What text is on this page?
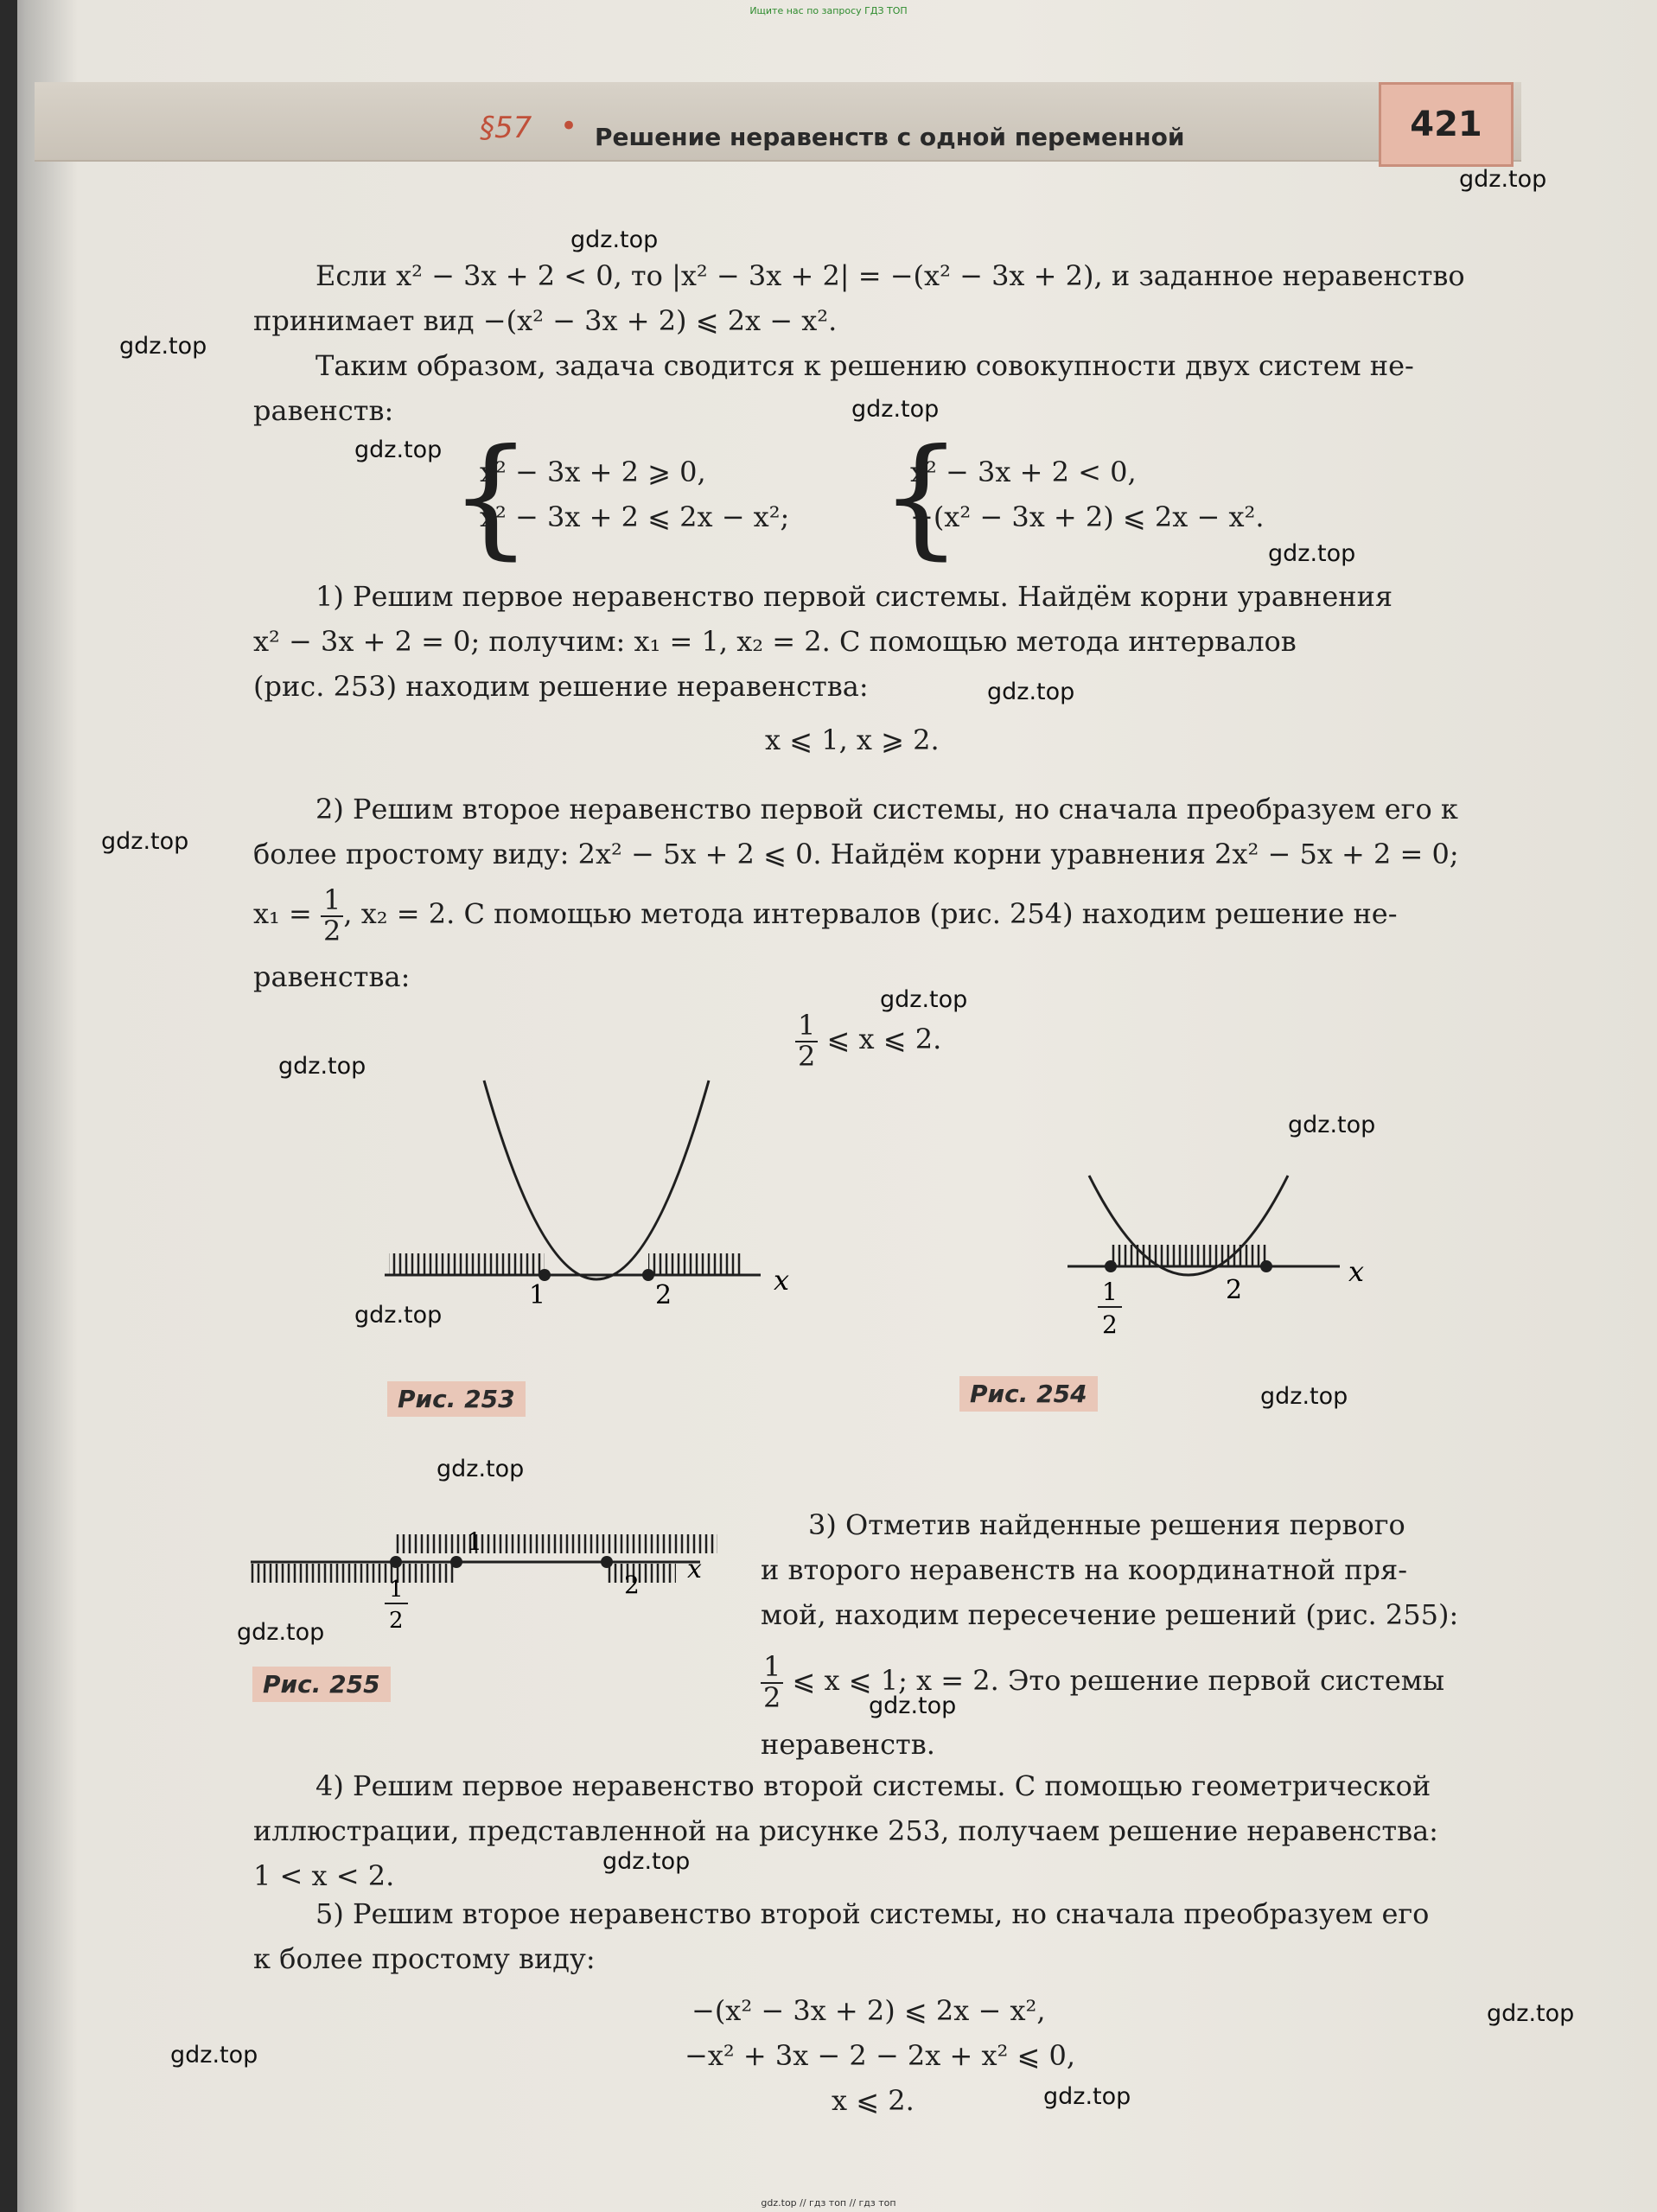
Ищите нас по запросу ГДЗ ТОП
§57 • Решение неравенств с одной переменной	421
gdz.top
gdz.top
gdz.top
gdz.top
gdz.top
gdz.top
gdz.top
gdz.top
gdz.top
gdz.top
gdz.top
gdz.top
gdz.top
gdz.top
gdz.top
gdz.top
gdz.top
gdz.top
gdz.top
gdz.top
Если x² − 3x + 2 < 0, то |x² − 3x + 2| = −(x² − 3x + 2), и заданное неравенство
принимает вид −(x² − 3x + 2) ⩽ 2x − x².
Таким образом, задача сводится к решению совокупности двух систем не-
равенств:
{
x² − 3x + 2 ⩾ 0,
x² − 3x + 2 ⩽ 2x − x²; {
x² − 3x + 2 < 0,
−(x² − 3x + 2) ⩽ 2x − x².
1) Решим первое неравенство первой системы. Найдём корни уравнения
x² − 3x + 2 = 0; получим: x₁ = 1, x₂ = 2. С помощью метода интервалов
(рис. 253) находим решение неравенства:
x ⩽ 1, x ⩾ 2.
2) Решим второе неравенство первой системы, но сначала преобразуем его к
более простому виду: 2x² − 5x + 2 ⩽ 0. Найдём корни уравнения 2x² − 5x + 2 = 0;
$x_1 = \frac{1}{2}$ , x₂ = 2. С помощью метода интервалов (рис. 254) находим решение не-
равенства:
$\frac{1}{2}$ ⩽ x ⩽ 2.
1	2	x
Рис. 253
1
2
2
x
Рис. 254
1
2
1
2
x
Рис. 255
3) Отметив найденные решения первого
и второго неравенств на координатной пря-
мой, находим пересечение решений (рис. 255):
$\frac{1}{2}$ ⩽ x ⩽ 1; x = 2. Это решение первой системы
неравенств.
4) Решим первое неравенство второй системы. С помощью геометрической
иллюстрации, представленной на рисунке 253, получаем решение неравенства:
1 < x < 2.
5) Решим второе неравенство второй системы, но сначала преобразуем его
к более простому виду:
−(x² − 3x + 2) ⩽ 2x − x²,
−x² + 3x − 2 − 2x + x² ⩽ 0,
x ⩽ 2.
gdz.top // гдз топ // гдз топ
